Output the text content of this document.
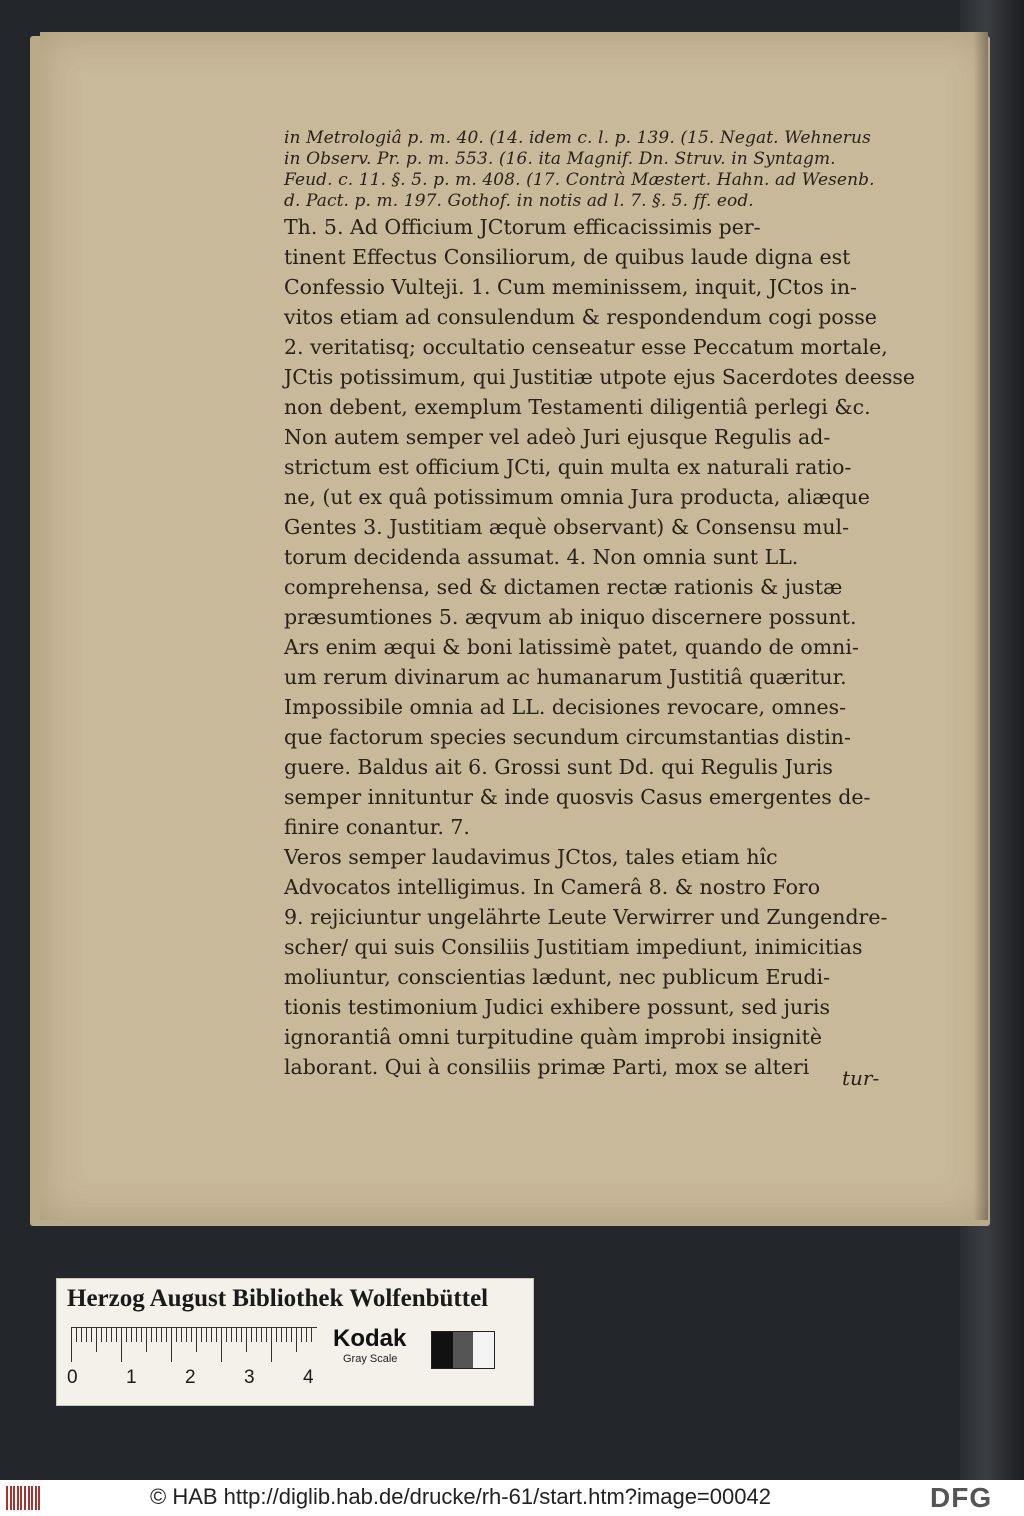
in Metrologiâ p. m. 40. (14. idem c. l. p. 139. (15. Negat. Wehnerus
in Observ. Pr. p. m. 553. (16. ita Magnif. Dn. Struv. in Syntagm.
Feud. c. 11. §. 5. p. m. 408. (17. Contrà Mæstert. Hahn. ad Wesenb.
d. Pact. p. m. 197. Gothof. in notis ad l. 7. §. 5. ff. eod.
Th. 5. Ad Officium JCtorum efficacissimis per-
tinent Effectus Consiliorum, de quibus laude digna est
Confessio Vulteji. 1. Cum meminissem, inquit, JCtos in-
vitos etiam ad consulendum & respondendum cogi posse
2. veritatisq; occultatio censeatur esse Peccatum mortale,
JCtis potissimum, qui Justitiæ utpote ejus Sacerdotes deesse
non debent, exemplum Testamenti diligentiâ perlegi &c.
Non autem semper vel adeò Juri ejusque Regulis ad-
strictum est officium JCti, quin multa ex naturali ratio-
ne, (ut ex quâ potissimum omnia Jura producta, aliæque
Gentes 3. Justitiam æquè observant) & Consensu mul-
torum decidenda assumat. 4. Non omnia sunt LL.
comprehensa, sed & dictamen rectæ rationis & justæ
præsumtiones 5. æqvum ab iniquo discernere possunt.
Ars enim æqui & boni latissimè patet, quando de omni-
um rerum divinarum ac humanarum Justitiâ quæritur.
Impossibile omnia ad LL. decisiones revocare, omnes-
que factorum species secundum circumstantias distin-
guere. Baldus ait 6. Grossi sunt Dd. qui Regulis Juris
semper innituntur & inde quosvis Casus emergentes de-
finire conantur. 7.
Veros semper laudavimus JCtos, tales etiam hîc
Advocatos intelligimus. In Camerâ 8. & nostro Foro
9. rejiciuntur ungelährte Leute Verwirrer und Zungendre-
scher/ qui suis Consiliis Justitiam impediunt, inimicitias
moliuntur, conscientias lædunt, nec publicum Erudi-
tionis testimonium Judici exhibere possunt, sed juris
ignorantiâ omni turpitudine quàm improbi insignitè
laborant. Qui à consiliis primæ Parti, mox se alteri	tur-
Herzog August Bibliothek Wolfenbüttel
0	1	2	3	4
Kodak
Gray Scale
© HAB http://diglib.hab.de/drucke/rh-61/start.htm?image=00042	DFG
